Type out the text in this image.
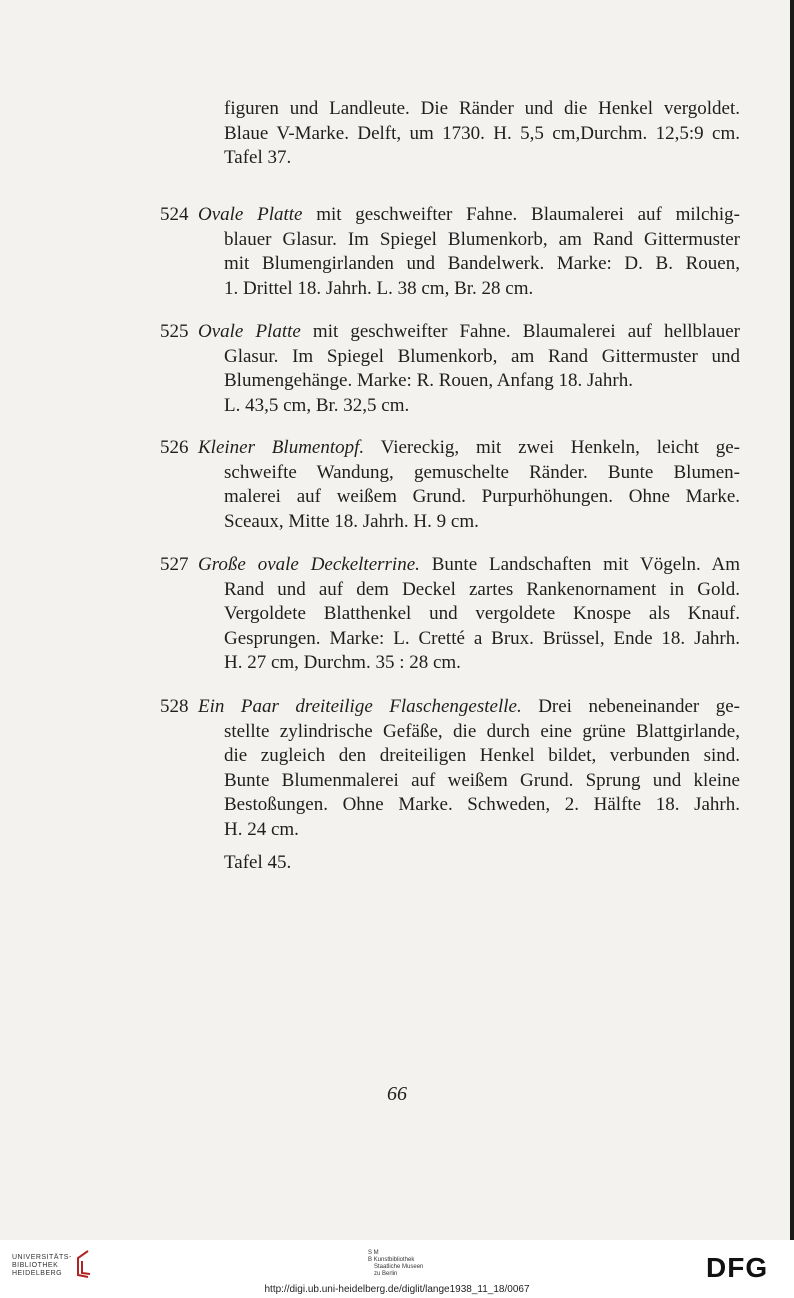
figuren und Landleute. Die Ränder und die Henkel vergoldet.
Blaue V-Marke. Delft, um 1730. H. 5,5 cm,Durchm. 12,5:9 cm.
Tafel 37.
524 Ovale Platte mit geschweifter Fahne. Blaumalerei auf milchig-
blauer Glasur. Im Spiegel Blumenkorb, am Rand Gittermuster
mit Blumengirlanden und Bandelwerk. Marke: D. B. Rouen,
1. Drittel 18. Jahrh. L. 38 cm, Br. 28 cm.
525 Ovale Platte mit geschweifter Fahne. Blaumalerei auf hellblauer
Glasur. Im Spiegel Blumenkorb, am Rand Gittermuster und
Blumengehänge. Marke: R. Rouen, Anfang 18. Jahrh.
L. 43,5 cm, Br. 32,5 cm.
526 Kleiner Blumentopf. Viereckig, mit zwei Henkeln, leicht ge-
schweifte Wandung, gemuschelte Ränder. Bunte Blumen-
malerei auf weißem Grund. Purpurhöhungen. Ohne Marke.
Sceaux, Mitte 18. Jahrh. H. 9 cm.
527 Große ovale Deckelterrine. Bunte Landschaften mit Vögeln. Am
Rand und auf dem Deckel zartes Rankenornament in Gold.
Vergoldete Blatthenkel und vergoldete Knospe als Knauf.
Gesprungen. Marke: L. Cretté a Brux. Brüssel, Ende 18. Jahrh.
H. 27 cm, Durchm. 35 : 28 cm.
528 Ein Paar dreiteilige Flaschengestelle. Drei nebeneinander ge-
stellte zylindrische Gefäße, die durch eine grüne Blattgirlande,
die zugleich den dreiteiligen Henkel bildet, verbunden sind.
Bunte Blumenmalerei auf weißem Grund. Sprung und kleine
Bestoßungen. Ohne Marke. Schweden, 2. Hälfte 18. Jahrh.
H. 24 cm.
Tafel 45.
66
UNIVERSITÄTS-
BIBLIOTHEK
HEIDELBERG
S M
B Kunstbibliothek
Staatliche Museen
zu Berlin	DFG
http://digi.ub.uni-heidelberg.de/diglit/lange1938_11_18/0067
